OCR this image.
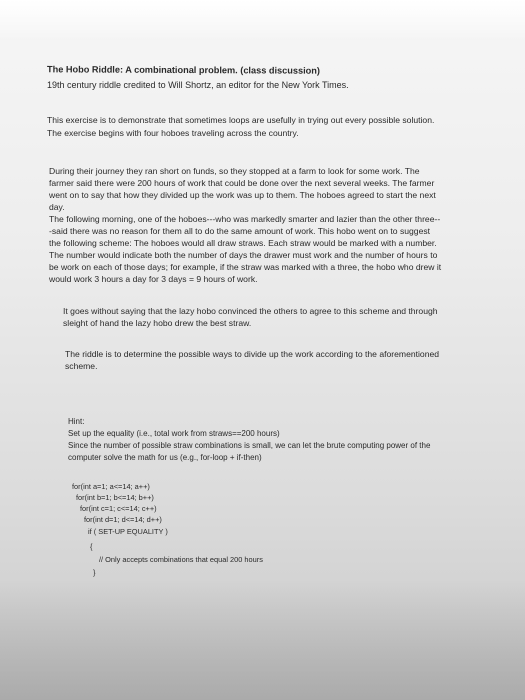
The Hobo Riddle: A combinational problem. (class discussion)
19th century riddle credited to Will Shortz, an editor for the New York Times.
This exercise is to demonstrate that sometimes loops are usefully in trying out every possible solution.
The exercise begins with four hoboes traveling across the country.
During their journey they ran short on funds, so they stopped at a farm to look for some work. The
farmer said there were 200 hours of work that could be done over the next several weeks. The farmer
went on to say that how they divided up the work was up to them. The hoboes agreed to start the next
day.
The following morning, one of the hoboes---who was markedly smarter and lazier than the other three--
-said there was no reason for them all to do the same amount of work. This hobo went on to suggest
the following scheme: The hoboes would all draw straws. Each straw would be marked with a number.
The number would indicate both the number of days the drawer must work and the number of hours to
be work on each of those days; for example, if the straw was marked with a three, the hobo who drew it
would work 3 hours a day for 3 days = 9 hours of work.
It goes without saying that the lazy hobo convinced the others to agree to this scheme and through
sleight of hand the lazy hobo drew the best straw.
The riddle is to determine the possible ways to divide up the work according to the aforementioned
scheme.
Hint:
Set up the equality (i.e., total work from straws==200 hours)
Since the number of possible straw combinations is small, we can let the brute computing power of the
computer solve the math for us (e.g., for-loop + if-then)
for(int a=1; a<=14; a++)
for(int b=1; b<=14; b++)
for(int c=1; c<=14; c++)
for(int d=1; d<=14; d++)
if ( SET-UP EQUALITY )
{
// Only accepts combinations that equal 200 hours
}
